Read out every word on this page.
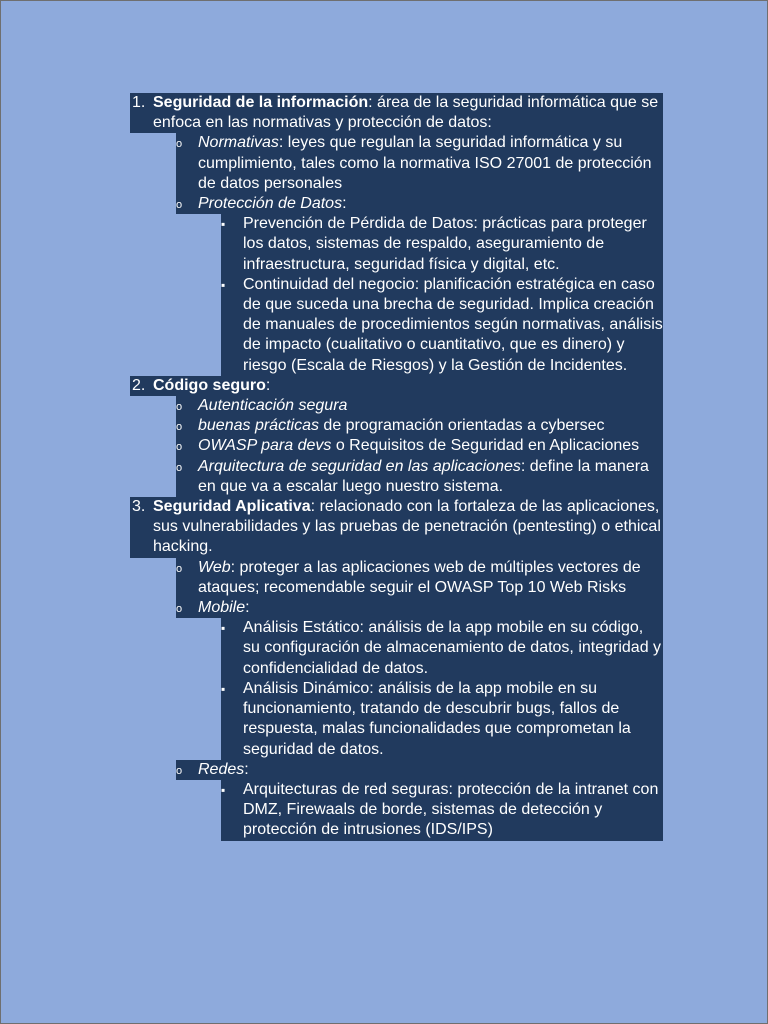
1. Seguridad de la información: área de la seguridad informática que se enfoca en las normativas y protección de datos:
o Normativas: leyes que regulan la seguridad informática y su cumplimiento, tales como la normativa ISO 27001 de protección de datos personales
o Protección de Datos:
▪ Prevención de Pérdida de Datos: prácticas para proteger los datos, sistemas de respaldo, aseguramiento de infraestructura, seguridad física y digital, etc.
▪ Continuidad del negocio: planificación estratégica en caso de que suceda una brecha de seguridad. Implica creación de manuales de procedimientos según normativas, análisis de impacto (cualitativo o cuantitativo, que es dinero) y riesgo (Escala de Riesgos) y la Gestión de Incidentes.
2. Código seguro:
o Autenticación segura
o buenas prácticas de programación orientadas a cybersec
o OWASP para devs o Requisitos de Seguridad en Aplicaciones
o Arquitectura de seguridad en las aplicaciones: define la manera en que va a escalar luego nuestro sistema.
3. Seguridad Aplicativa: relacionado con la fortaleza de las aplicaciones, sus vulnerabilidades y las pruebas de penetración (pentesting) o ethical hacking.
o Web: proteger a las aplicaciones web de múltiples vectores de ataques; recomendable seguir el OWASP Top 10 Web Risks
o Mobile:
▪ Análisis Estático: análisis de la app mobile en su código, su configuración de almacenamiento de datos, integridad y confidencialidad de datos.
▪ Análisis Dinámico: análisis de la app mobile en su funcionamiento, tratando de descubrir bugs, fallos de respuesta, malas funcionalidades que comprometan la seguridad de datos.
o Redes:
▪ Arquitecturas de red seguras: protección de la intranet con DMZ, Firewaals de borde, sistemas de detección y protección de intrusiones (IDS/IPS)
